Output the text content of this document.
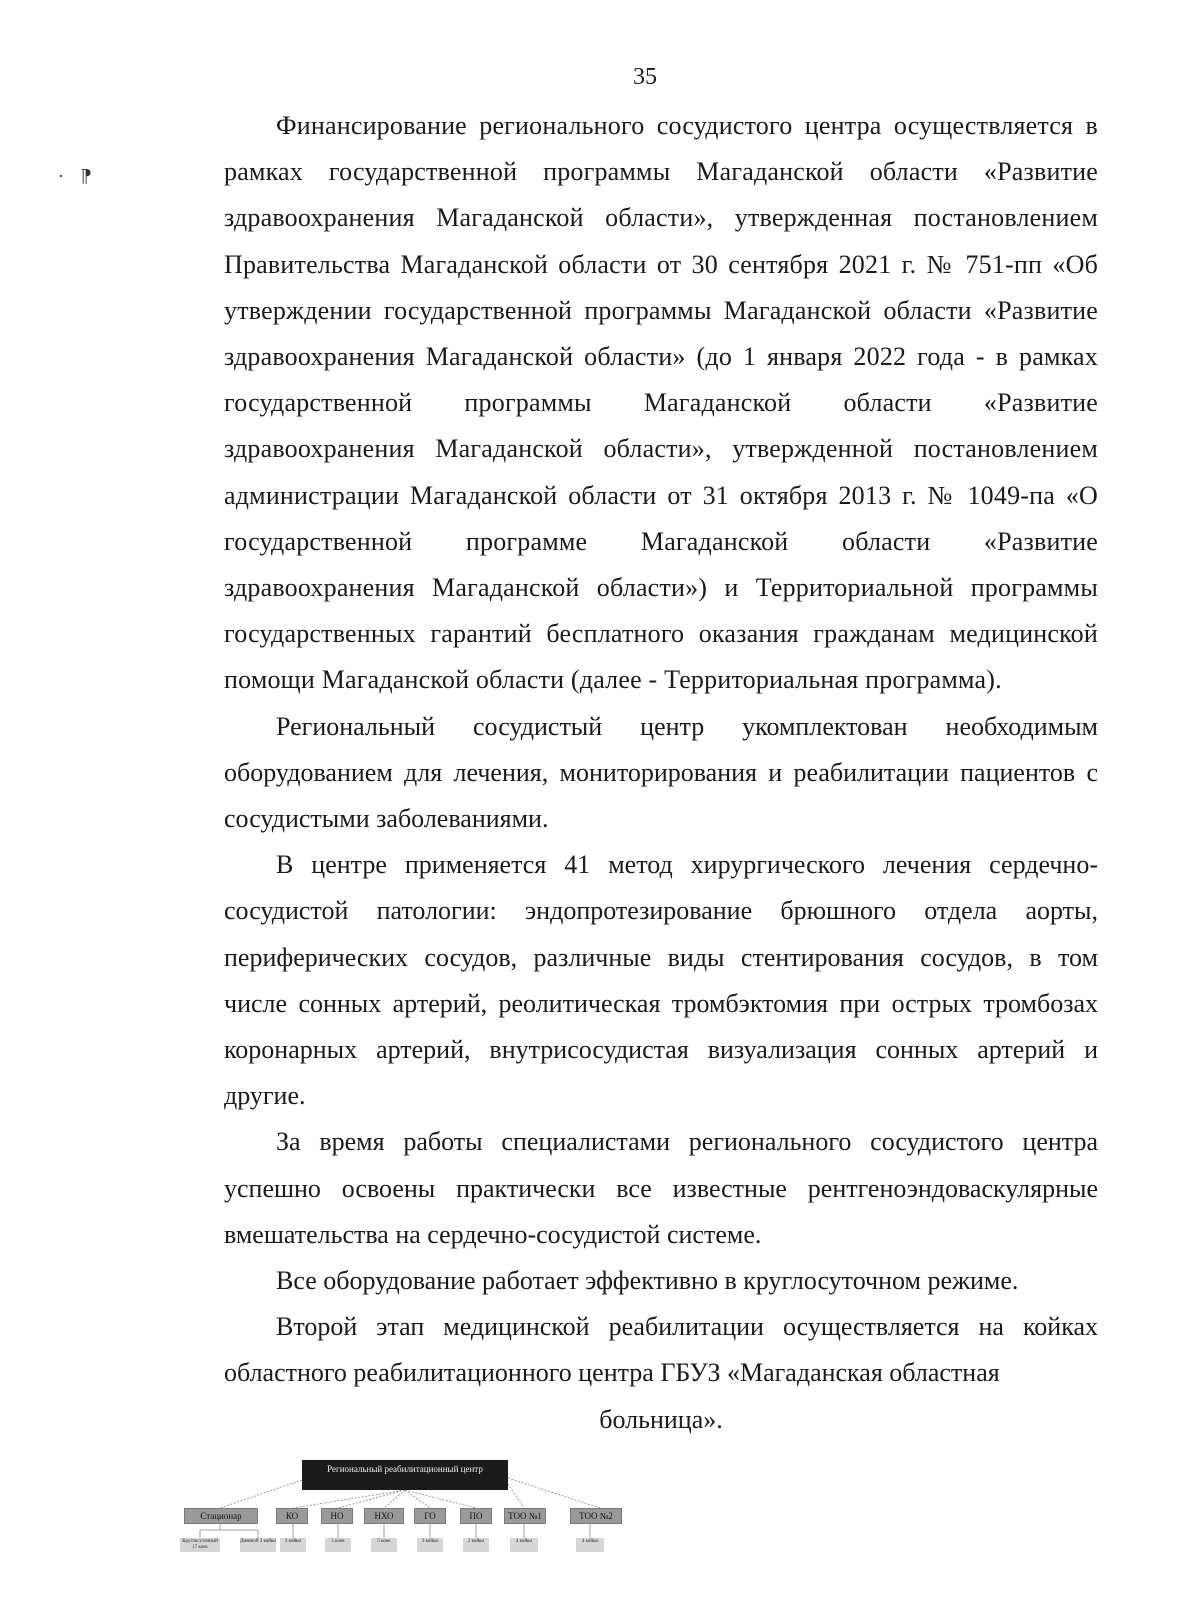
35
· ⁋

Финансирование регионального сосудистого центра осуществляется в рамках государственной программы Магаданской области «Развитие здравоохранения Магаданской области», утвержденная постановлением Правительства Магаданской области от 30 сентября 2021 г. № 751-пп «Об утверждении государственной программы Магаданской области «Развитие здравоохранения Магаданской области» (до 1 января 2022 года - в рамках государственной программы Магаданской области «Развитие здравоохранения Магаданской области», утвержденной постановлением администрации Магаданской области от 31 октября 2013 г. № 1049-па «О государственной программе Магаданской области «Развитие здравоохранения Магаданской области») и Территориальной программы государственных гарантий бесплатного оказания гражданам медицинской помощи Магаданской области (далее - Территориальная программа).

Региональный сосудистый центр укомплектован необходимым оборудованием для лечения, мониторирования и реабилитации пациентов с сосудистыми заболеваниями.

В центре применяется 41 метод хирургического лечения сердечно-сосудистой патологии: эндопротезирование брюшного отдела аорты, периферических сосудов, различные виды стентирования сосудов, в том числе сонных артерий, реолитическая тромбэктомия при острых тромбозах коронарных артерий, внутрисосудистая визуализация сонных артерий и другие.

За время работы специалистами регионального сосудистого центра успешно освоены практически все известные рентгеноэндоваскулярные вмешательства на сердечно-сосудистой системе.

Все оборудование работает эффективно в круглосуточном режиме.

Второй этап медицинской реабилитации осуществляется на койках областного реабилитационного центра ГБУЗ «Магаданская областная

больница».

Региональный реабилитационный центр
Стационар	КО	НО	НХО	ГО	ПО	ТОО №1	ТОО №2
Круглосуточный 17 коек
Дневной 3 койки	3 койки	5 коек	5 коек	3 койки	2 койки	4 койки	4 койки
